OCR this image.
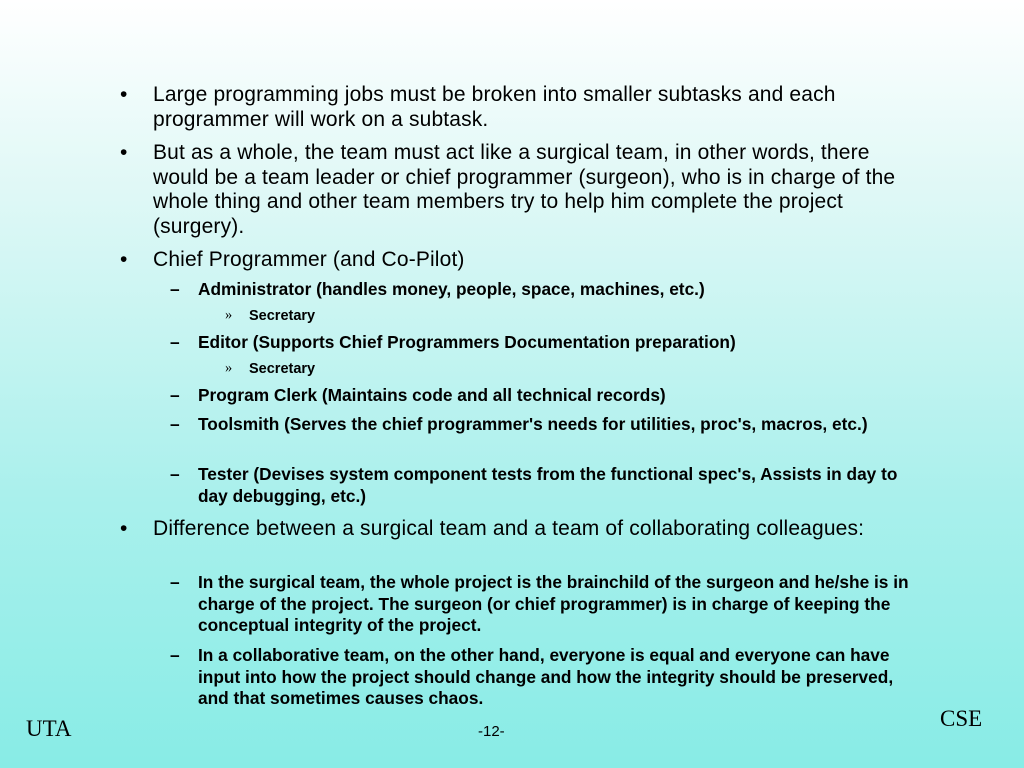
• Large programming jobs must be broken into smaller subtasks and each programmer will work on a subtask.
• But as a whole, the team must act like a surgical team, in other words, there would be a team leader or chief programmer (surgeon), who is in charge of the whole thing and other team members try to help him complete the project (surgery).
• Chief Programmer (and Co-Pilot)
– Administrator (handles money, people, space, machines, etc.)
» Secretary
– Editor (Supports Chief Programmers Documentation preparation)
» Secretary
– Program Clerk (Maintains code and all technical records)
– Toolsmith (Serves the chief programmer's needs for utilities, proc's, macros, etc.)
– Tester (Devises system component tests from the functional spec's, Assists in day to day debugging, etc.)
• Difference between a surgical team and a team of collaborating colleagues:
– In the surgical team, the whole project is the brainchild of the surgeon and he/she is in charge of the project. The surgeon (or chief programmer) is in charge of keeping the conceptual integrity of the project.
– In a collaborative team, on the other hand, everyone is equal and everyone can have input into how the project should change and how the integrity should be preserved, and that sometimes causes chaos.
UTA	-12-
CSE
